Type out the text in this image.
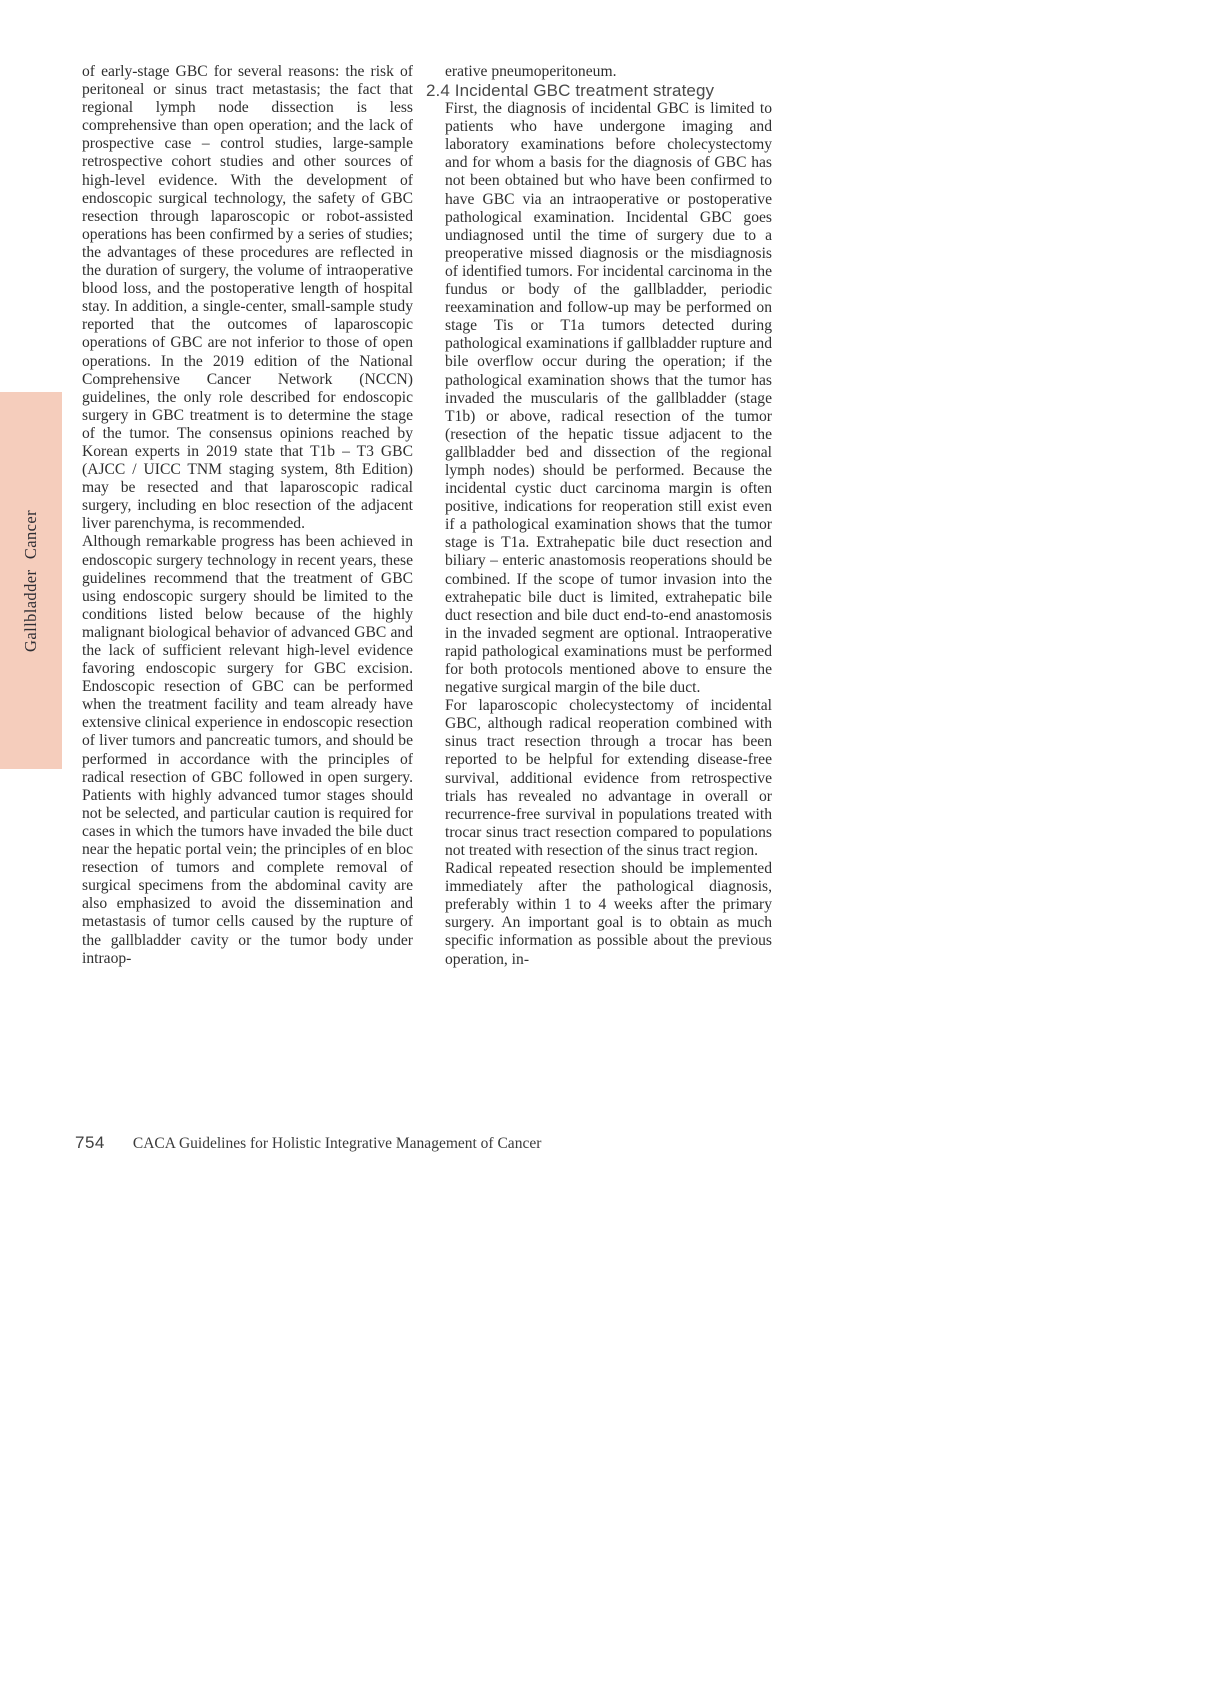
Gallbladder Cancer

of early-stage GBC for several reasons: the risk of peritoneal or sinus tract metastasis; the fact that regional lymph node dissection is less comprehensive than open operation; and the lack of prospective case – control studies, large-sample retrospective cohort studies and other sources of high-level evidence. With the development of endoscopic surgical technology, the safety of GBC resection through laparoscopic or robot-assisted operations has been confirmed by a series of studies; the advantages of these procedures are reflected in the duration of surgery, the volume of intraoperative blood loss, and the postoperative length of hospital stay. In addition, a single-center, small-sample study reported that the outcomes of laparoscopic operations of GBC are not inferior to those of open operations. In the 2019 edition of the National Comprehensive Cancer Network (NCCN) guidelines, the only role described for endoscopic surgery in GBC treatment is to determine the stage of the tumor. The consensus opinions reached by Korean experts in 2019 state that T1b – T3 GBC (AJCC / UICC TNM staging system, 8th Edition) may be resected and that laparoscopic radical surgery, including en bloc resection of the adjacent liver parenchyma, is recommended.

Although remarkable progress has been achieved in endoscopic surgery technology in recent years, these guidelines recommend that the treatment of GBC using endoscopic surgery should be limited to the conditions listed below because of the highly malignant biological behavior of advanced GBC and the lack of sufficient relevant high-level evidence favoring endoscopic surgery for GBC excision. Endoscopic resection of GBC can be performed when the treatment facility and team already have extensive clinical experience in endoscopic resection of liver tumors and pancreatic tumors, and should be performed in accordance with the principles of radical resection of GBC followed in open surgery. Patients with highly advanced tumor stages should not be selected, and particular caution is required for cases in which the tumors have invaded the bile duct near the hepatic portal vein; the principles of en bloc resection of tumors and complete removal of surgical specimens from the abdominal cavity are also emphasized to avoid the dissemination and metastasis of tumor cells caused by the rupture of the gallbladder cavity or the tumor body under intraop-

erative pneumoperitoneum.

2.4 Incidental GBC treatment strategy

First, the diagnosis of incidental GBC is limited to patients who have undergone imaging and laboratory examinations before cholecystectomy and for whom a basis for the diagnosis of GBC has not been obtained but who have been confirmed to have GBC via an intraoperative or postoperative pathological examination. Incidental GBC goes undiagnosed until the time of surgery due to a preoperative missed diagnosis or the misdiagnosis of identified tumors. For incidental carcinoma in the fundus or body of the gallbladder, periodic reexamination and follow-up may be performed on stage Tis or T1a tumors detected during pathological examinations if gallbladder rupture and bile overflow occur during the operation; if the pathological examination shows that the tumor has invaded the muscularis of the gallbladder (stage T1b) or above, radical resection of the tumor (resection of the hepatic tissue adjacent to the gallbladder bed and dissection of the regional lymph nodes) should be performed. Because the incidental cystic duct carcinoma margin is often positive, indications for reoperation still exist even if a pathological examination shows that the tumor stage is T1a. Extrahepatic bile duct resection and biliary – enteric anastomosis reoperations should be combined. If the scope of tumor invasion into the extrahepatic bile duct is limited, extrahepatic bile duct resection and bile duct end-to-end anastomosis in the invaded segment are optional. Intraoperative rapid pathological examinations must be performed for both protocols mentioned above to ensure the negative surgical margin of the bile duct.

For laparoscopic cholecystectomy of incidental GBC, although radical reoperation combined with sinus tract resection through a trocar has been reported to be helpful for extending disease-free survival, additional evidence from retrospective trials has revealed no advantage in overall or recurrence-free survival in populations treated with trocar sinus tract resection compared to populations not treated with resection of the sinus tract region.

Radical repeated resection should be implemented immediately after the pathological diagnosis, preferably within 1 to 4 weeks after the primary surgery. An important goal is to obtain as much specific information as possible about the previous operation, in-

754 CACA Guidelines for Holistic Integrative Management of Cancer
